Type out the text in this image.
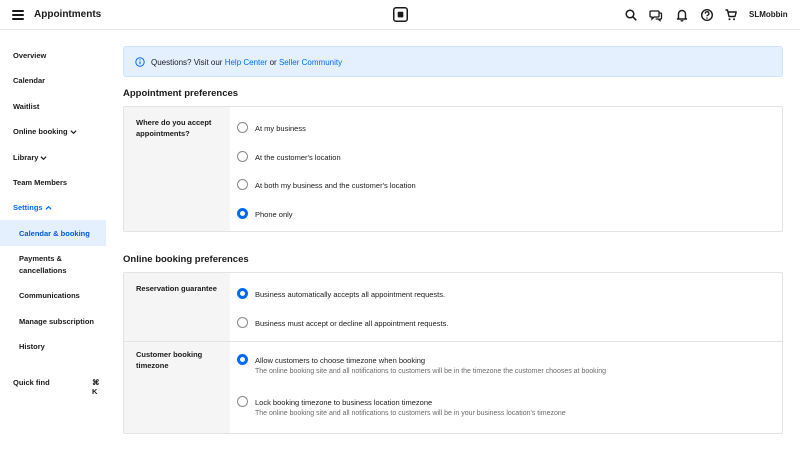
Appointments	SLMobbin
Overview
Calendar
Waitlist
Online booking
Library
Team Members
Settings
Calendar & booking
Payments &
cancellations
Communications
Manage subscription
History
Quick find	⌘ K
Questions? Visit our Help Center or Seller Community
Appointment preferences
Where do you accept
appointments?
At my business
At the customer's location
At both my business and the customer's location
Phone only
Online booking preferences
Reservation guarantee
Business automatically accepts all appointment requests.
Business must accept or decline all appointment requests.
Customer booking
timezone
Allow customers to choose timezone when booking
The online booking site and all notifications to customers will be in the timezone the customer chooses at booking
Lock booking timezone to business location timezone
The online booking site and all notifications to customers will be in your business location's timezone
